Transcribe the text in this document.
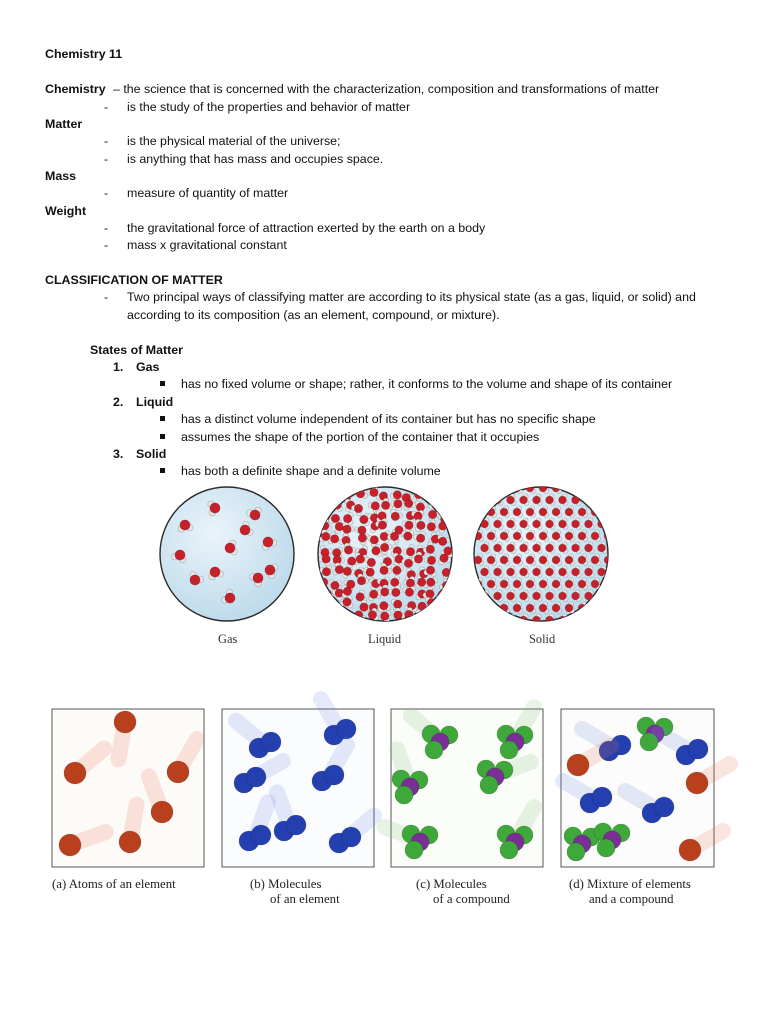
Chemistry 11
Chemistry – the science that is concerned with the characterization, composition and transformations of matter
- is the study of the properties and behavior of matter
Matter
- is the physical material of the universe;
- is anything that has mass and occupies space.
Mass
- measure of quantity of matter
Weight
- the gravitational force of attraction exerted by the earth on a body
- mass x gravitational constant
CLASSIFICATION OF MATTER
- Two principal ways of classifying matter are according to its physical state (as a gas, liquid, or solid) and
according to its composition (as an element, compound, or mixture).
States of Matter
1. Gas
has no fixed volume or shape; rather, it conforms to the volume and shape of its container
2. Liquid
has a distinct volume independent of its container but has no specific shape
assumes the shape of the portion of the container that it occupies
3. Solid
has both a definite shape and a definite volume
Gas	Liquid	Solid
(a) Atoms of an element	(b) Molecules
of an element
(c) Molecules
of a compound
(d) Mixture of elements
and a compound
